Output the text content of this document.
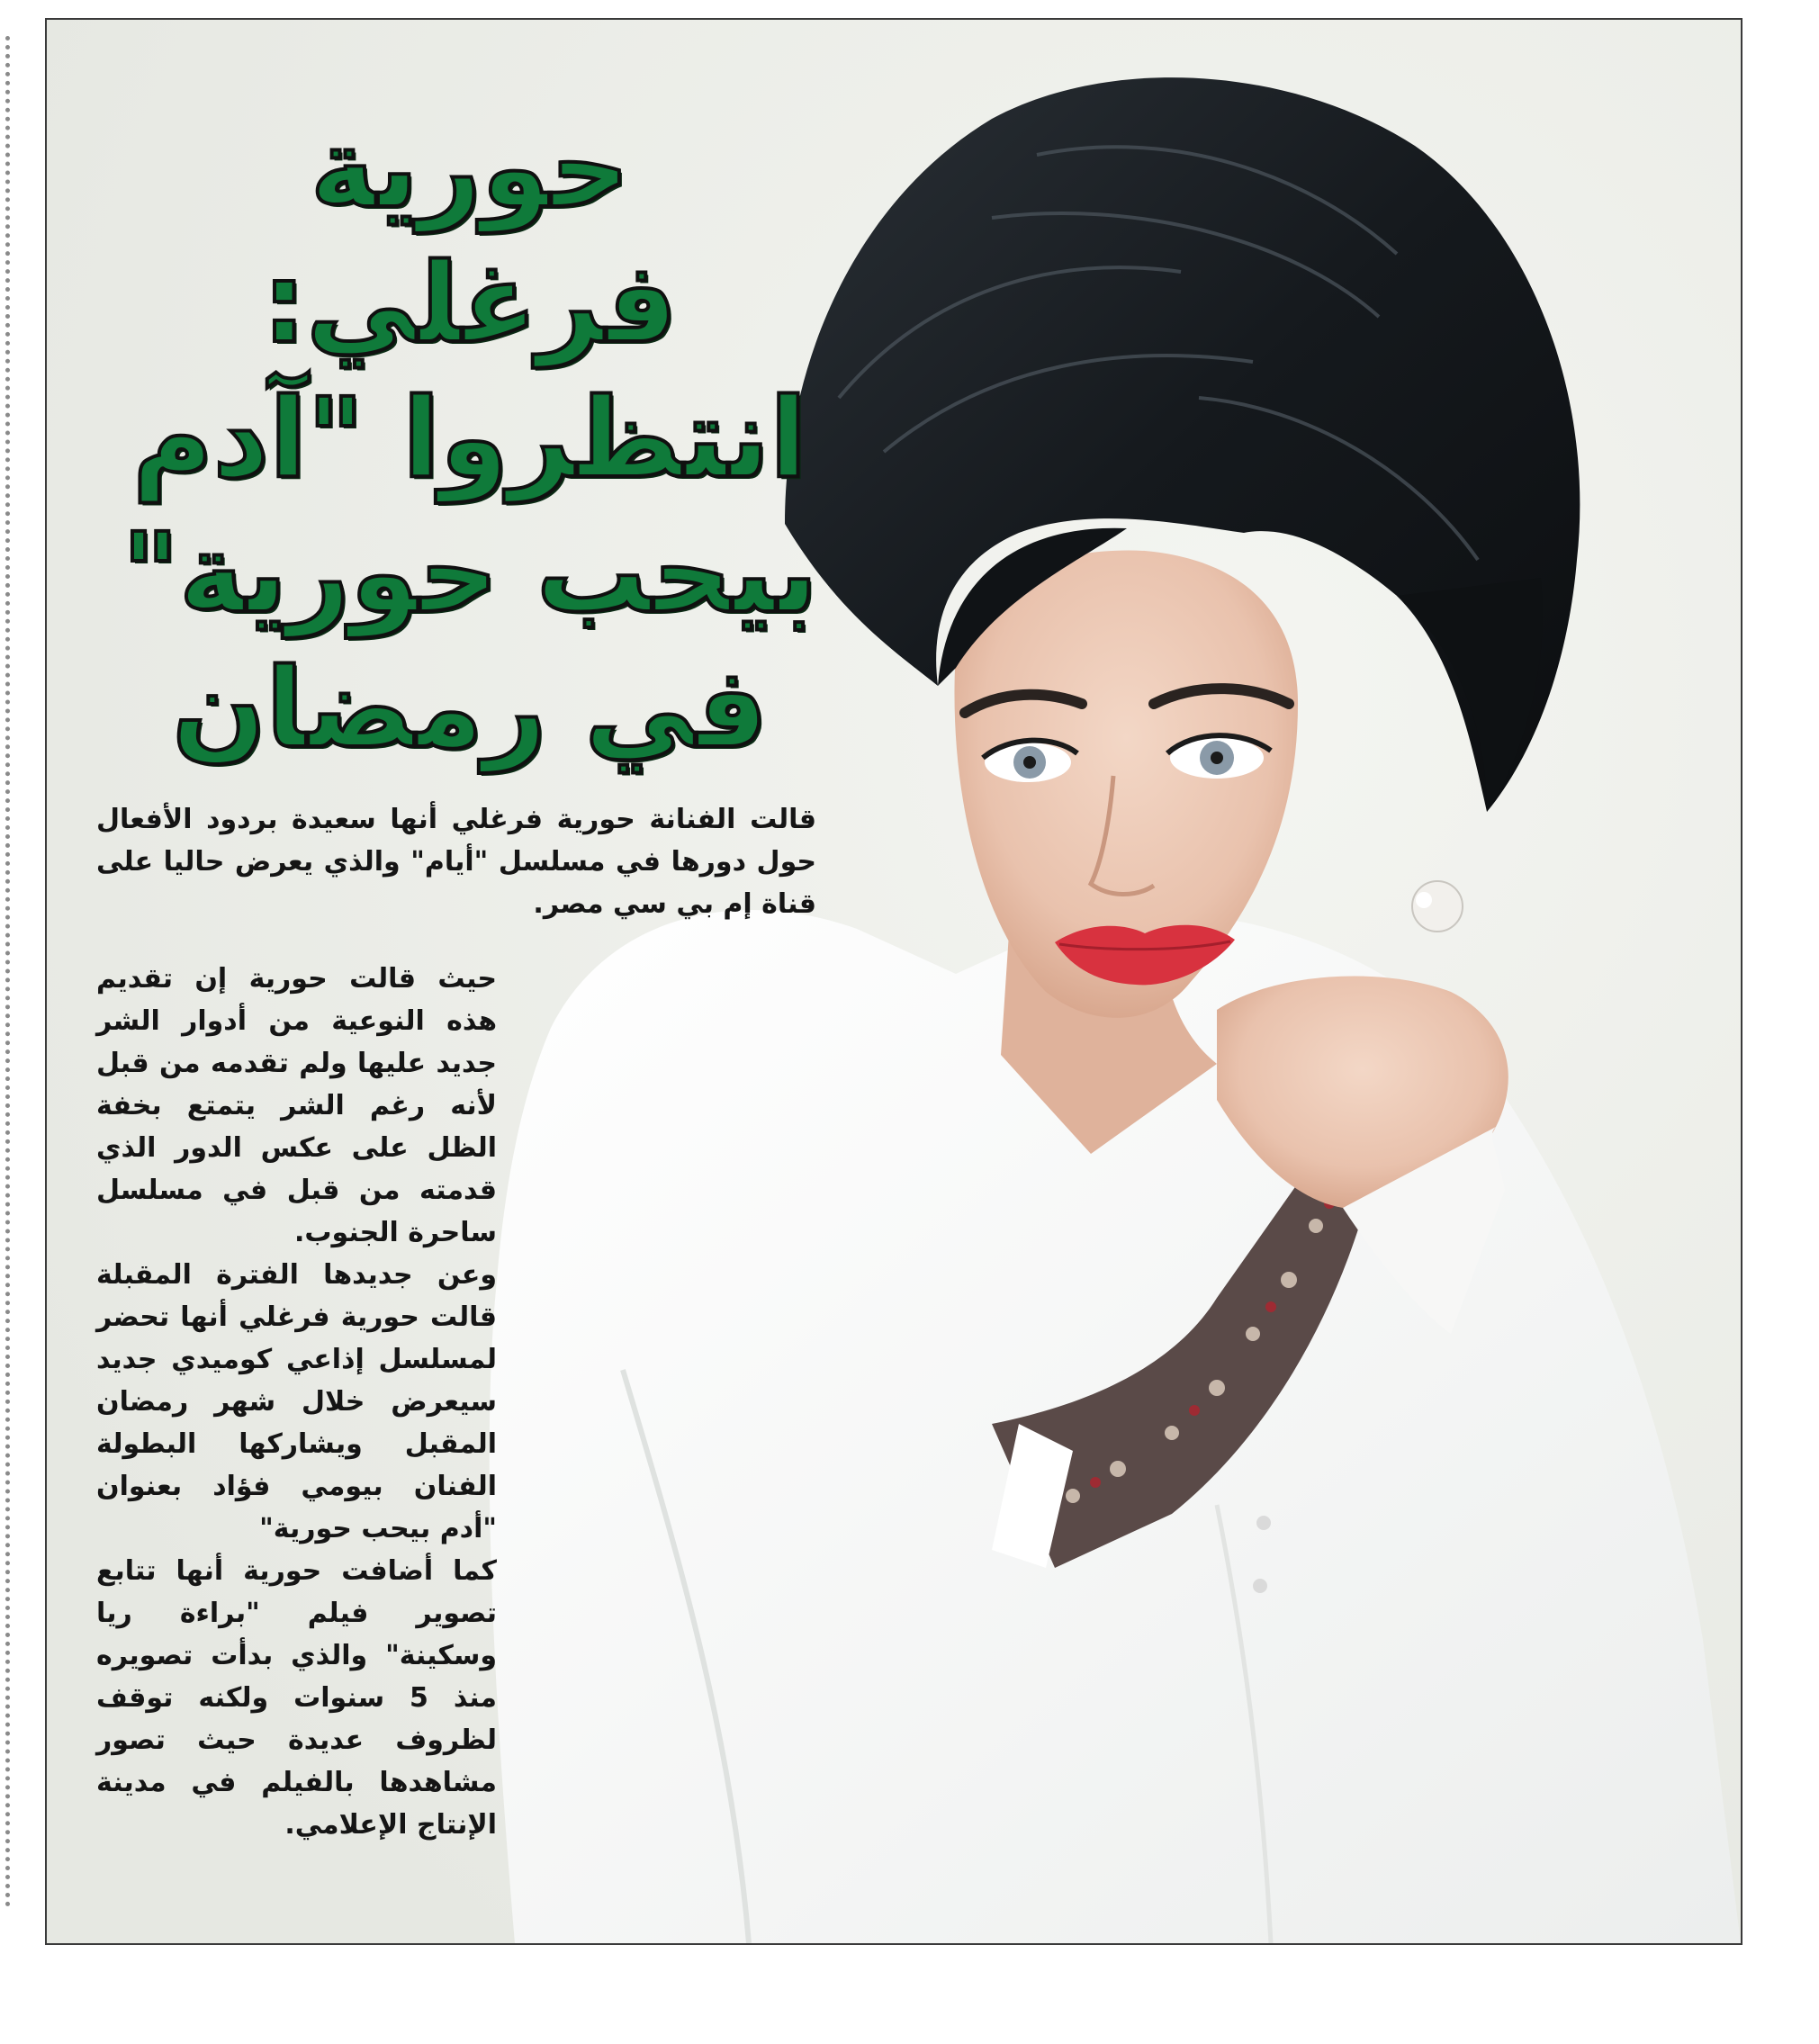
حورية فرغلي:
انتظروا "آدم
بيحب حورية"
في رمضان

قالت الفنانة حورية فرغلي أنها سعيدة بردود الأفعال حول دورها في مسلسل "أيام" والذي يعرض حاليا على قناة إم بي سي مصر.

حيث قالت حورية إن تقديم هذه النوعية من أدوار الشر جديد عليها ولم تقدمه من قبل لأنه رغم الشر يتمتع بخفة الظل على عكس الدور الذي قدمته من قبل في مسلسل ساحرة الجنوب.

وعن جديدها الفترة المقبلة قالت حورية فرغلي أنها تحضر لمسلسل إذاعي كوميدي جديد سيعرض خلال شهر رمضان المقبل ويشاركها البطولة الفنان بيومي فؤاد بعنوان "أدم بيحب حورية"

كما أضافت حورية أنها تتابع تصوير فيلم "براءة ريا وسكينة" والذي بدأت تصويره منذ 5 سنوات ولكنه توقف لظروف عديدة حيث تصور مشاهدها بالفيلم في مدينة الإنتاج الإعلامي.
